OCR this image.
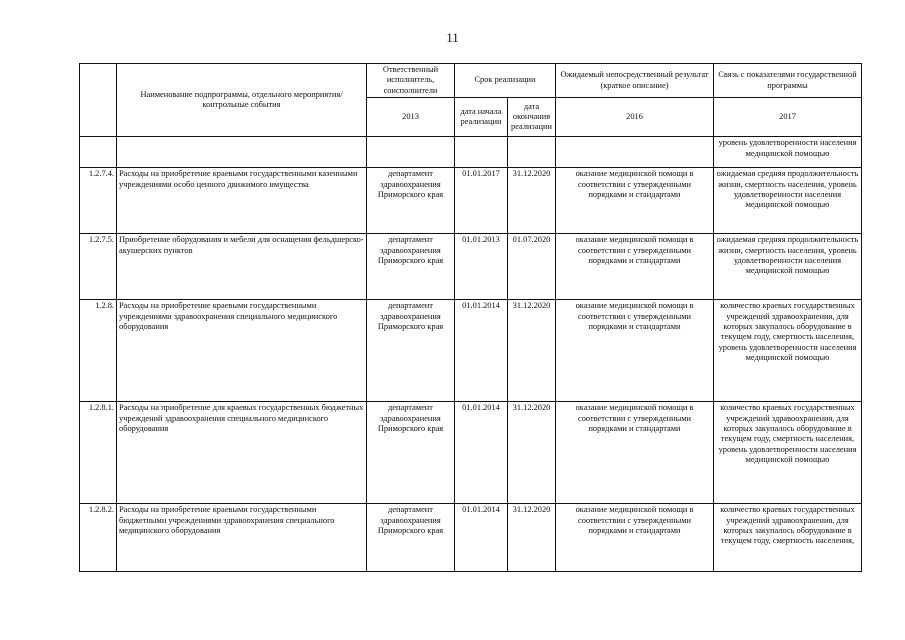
11
	Наименование подпрограммы, отдельного мероприятия/контрольные события	Ответственный исполнитель, соисполнители	Срок реализации		Ожидаемый непосредственный результат (краткое описание)	Связь с показателями государственной программы
		2013	дата начала реализации	дата окончания реализации	2016	2017
						уровень удовлетворенности населения медицинской помощью
1.2.7.4.	Расходы на приобретение краевыми государственными казенными учреждениями особо ценного движимого имущества	департамент здравоохранения Приморского края	01.01.2017	31.12.2020	оказание медицинской помощи в соответствии с утвержденными порядками и стандартами	ожидаемая средняя продолжительность жизни, смертность населения, уровень удовлетворенности населения медицинской помощью
1.2.7.5.	Приобретение оборудования и мебели для оснащения фельдшерско-акушерских пунктов	департамент здравоохранения Приморского края	01.01.2013	01.07.2020	оказание медицинской помощи в соответствии с утвержденными порядками и стандартами	ожидаемая средняя продолжительность жизни, смертность населения, уровень удовлетворенности населения медицинской помощью
1.2.8.	Расходы на приобретение краевыми государственными учреждениями здравоохранения специального медицинского оборудования	департамент здравоохранения Приморского края	01.01.2014	31.12.2020	оказание медицинской помощи в соответствии с утвержденными порядками и стандартами	количество краевых государственных учреждений здравоохранения, для которых закупалось оборудование в текущем году, смертность населения, уровень удовлетворенности населения медицинской помощью
1.2.8.1.	Расходы на приобретение для краевых государственных бюджетных учреждений здравоохранения специального медицинского оборудования	департамент здравоохранения Приморского края	01.01.2014	31.12.2020	оказание медицинской помощи в соответствии с утвержденными порядками и стандартами	количество краевых государственных учреждений здравоохранения, для которых закупалось оборудование в текущем году, смертность населения, уровень удовлетворенности населения медицинской помощью
1.2.8.2.	Расходы на приобретение краевыми государственными бюджетными учреждениями здравоохранения специального медицинского оборудования	департамент здравоохранения Приморского края	01.01.2014	31.12.2020	оказание медицинской помощи в соответствии с утвержденными порядками и стандартами	количество краевых государственных учреждений здравоохранения, для которых закупалось оборудование в текущем году, смертность населения,
